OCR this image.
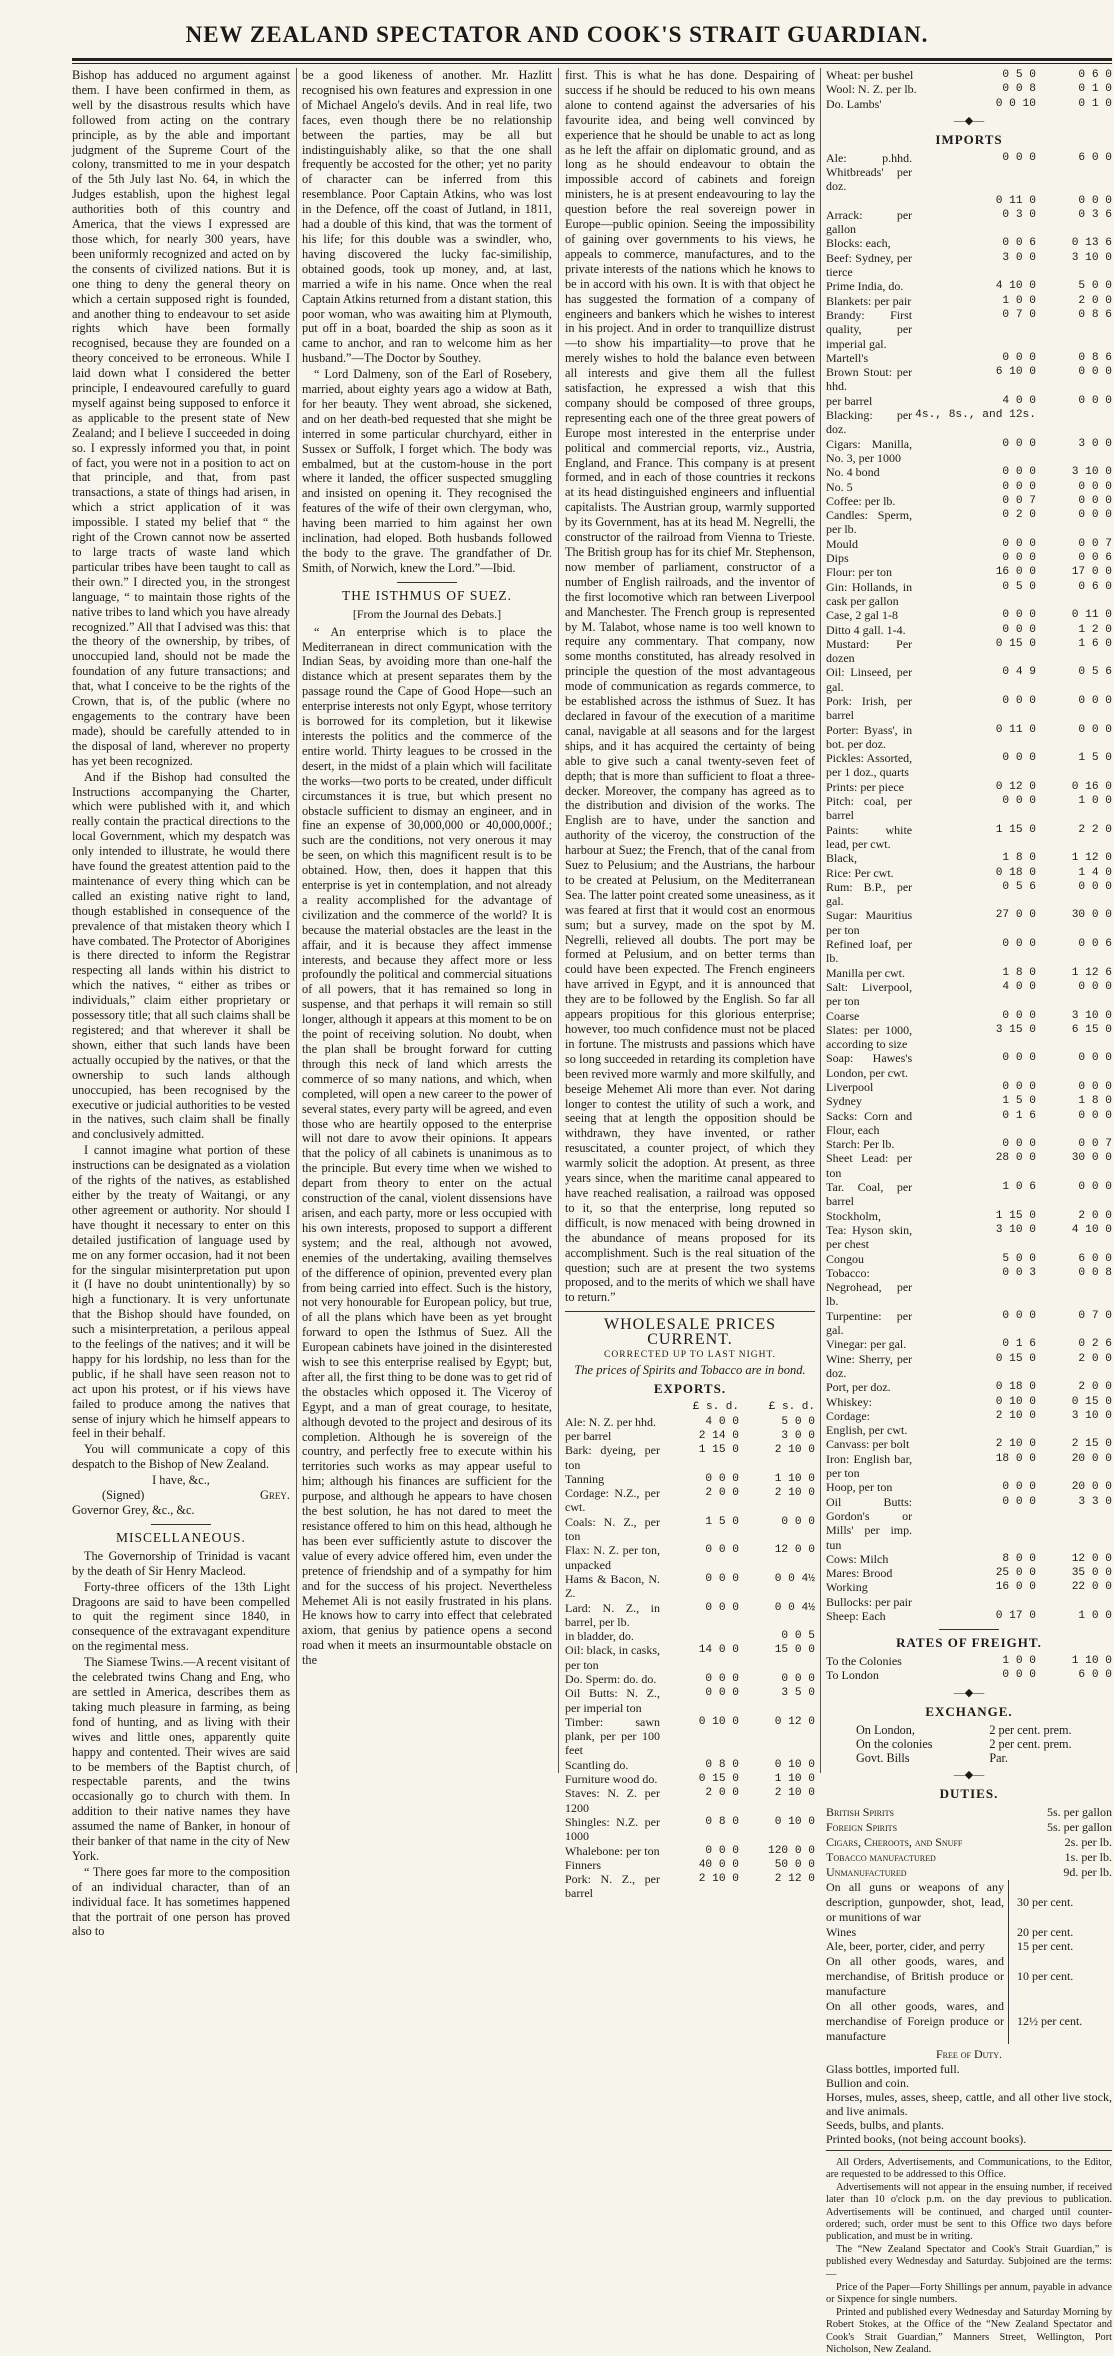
NEW ZEALAND SPECTATOR AND COOK'S STRAIT GUARDIAN.

Bishop has adduced no argument against them. I have been confirmed in them, as well by the disastrous results which have followed from acting on the contrary principle, as by the able and important judgment of the Supreme Court of the colony, transmitted to me in your despatch of the 5th July last No. 64, in which the Judges establish, upon the highest legal authorities both of this country and America, that the views I expressed are those which, for nearly 300 years, have been uniformly recognized and acted on by the consents of civilized nations. But it is one thing to deny the general theory on which a certain supposed right is founded, and another thing to endeavour to set aside rights which have been formally recognised, because they are founded on a theory conceived to be erroneous. While I laid down what I considered the better principle, I endeavoured carefully to guard myself against being supposed to enforce it as applicable to the present state of New Zealand; and I believe I succeeded in doing so. I expressly informed you that, in point of fact, you were not in a position to act on that principle, and that, from past transactions, a state of things had arisen, in which a strict application of it was impossible. I stated my belief that “ the right of the Crown cannot now be asserted to large tracts of waste land which particular tribes have been taught to call as their own.” I directed you, in the strongest language, “ to maintain those rights of the native tribes to land which you have already recognized.” All that I advised was this: that the theory of the ownership, by tribes, of unoccupied land, should not be made the foundation of any future transactions; and that, what I conceive to be the rights of the Crown, that is, of the public (where no engagements to the contrary have been made), should be carefully attended to in the disposal of land, wherever no property has yet been recognized.

And if the Bishop had consulted the Instructions accompanying the Charter, which were published with it, and which really contain the practical directions to the local Government, which my despatch was only intended to illustrate, he would there have found the greatest attention paid to the maintenance of every thing which can be called an existing native right to land, though established in consequence of the prevalence of that mistaken theory which I have combated. The Protector of Aborigines is there directed to inform the Registrar respecting all lands within his district to which the natives, “ either as tribes or individuals,” claim either proprietary or possessory title; that all such claims shall be registered; and that wherever it shall be shown, either that such lands have been actually occupied by the natives, or that the ownership to such lands although unoccupied, has been recognised by the executive or judicial authorities to be vested in the natives, such claim shall be finally and conclusively admitted.

I cannot imagine what portion of these instructions can be designated as a violation of the rights of the natives, as established either by the treaty of Waitangi, or any other agreement or authority. Nor should I have thought it necessary to enter on this detailed justification of language used by me on any former occasion, had it not been for the singular misinterpretation put upon it (I have no doubt unintentionally) by so high a functionary. It is very unfortunate that the Bishop should have founded, on such a misinterpretation, a perilous appeal to the feelings of the natives; and it will be happy for his lordship, no less than for the public, if he shall have seen reason not to act upon his protest, or if his views have failed to produce among the natives that sense of injury which he himself appears to feel in their behalf.

You will communicate a copy of this despatch to the Bishop of New Zealand.

I have, &c.,
(Signed)	Grey.
Governor Grey, &c., &c.
MISCELLANEOUS.

The Governorship of Trinidad is vacant by the death of Sir Henry Macleod.

Forty-three officers of the 13th Light Dragoons are said to have been compelled to quit the regiment since 1840, in consequence of the extravagant expenditure on the regimental mess.

The Siamese Twins.—A recent visitant of the celebrated twins Chang and Eng, who are settled in America, describes them as taking much pleasure in farming, as being fond of hunting, and as living with their wives and little ones, apparently quite happy and contented. Their wives are said to be members of the Baptist church, of respectable parents, and the twins occasionally go to church with them. In addition to their native names they have assumed the name of Banker, in honour of their banker of that name in the city of New York.

“ There goes far more to the composition of an individual character, than of an individual face. It has sometimes happened that the portrait of one person has proved also to

be a good likeness of another. Mr. Hazlitt recognised his own features and expression in one of Michael Angelo's devils. And in real life, two faces, even though there be no relationship between the parties, may be all but indistinguishably alike, so that the one shall frequently be accosted for the other; yet no parity of character can be inferred from this resemblance. Poor Captain Atkins, who was lost in the Defence, off the coast of Jutland, in 1811, had a double of this kind, that was the torment of his life; for this double was a swindler, who, having discovered the lucky fac-similiship, obtained goods, took up money, and, at last, married a wife in his name. Once when the real Captain Atkins returned from a distant station, this poor woman, who was awaiting him at Plymouth, put off in a boat, boarded the ship as soon as it came to anchor, and ran to welcome him as her husband.”—The Doctor by Southey.

“ Lord Dalmeny, son of the Earl of Rosebery, married, about eighty years ago a widow at Bath, for her beauty. They went abroad, she sickened, and on her death-bed requested that she might be interred in some particular churchyard, either in Sussex or Suffolk, I forget which. The body was embalmed, but at the custom-house in the port where it landed, the officer suspected smuggling and insisted on opening it. They recognised the features of the wife of their own clergyman, who, having been married to him against her own inclination, had eloped. Both husbands followed the body to the grave. The grandfather of Dr. Smith, of Norwich, knew the Lord.”—Ibid.

THE ISTHMUS OF SUEZ.
[From the Journal des Debats.]

“ An enterprise which is to place the Mediterranean in direct communication with the Indian Seas, by avoiding more than one-half the distance which at present separates them by the passage round the Cape of Good Hope—such an enterprise interests not only Egypt, whose territory is borrowed for its completion, but it likewise interests the politics and the commerce of the entire world. Thirty leagues to be crossed in the desert, in the midst of a plain which will facilitate the works—two ports to be created, under difficult circumstances it is true, but which present no obstacle sufficient to dismay an engineer, and in fine an expense of 30,000,000 or 40,000,000f.; such are the conditions, not very onerous it may be seen, on which this magnificent result is to be obtained. How, then, does it happen that this enterprise is yet in contemplation, and not already a reality accomplished for the advantage of civilization and the commerce of the world? It is because the material obstacles are the least in the affair, and it is because they affect immense interests, and because they affect more or less profoundly the political and commercial situations of all powers, that it has remained so long in suspense, and that perhaps it will remain so still longer, although it appears at this moment to be on the point of receiving solution. No doubt, when the plan shall be brought forward for cutting through this neck of land which arrests the commerce of so many nations, and which, when completed, will open a new career to the power of several states, every party will be agreed, and even those who are heartily opposed to the enterprise will not dare to avow their opinions. It appears that the policy of all cabinets is unanimous as to the principle. But every time when we wished to depart from theory to enter on the actual construction of the canal, violent dissensions have arisen, and each party, more or less occupied with his own interests, proposed to support a different system; and the real, although not avowed, enemies of the undertaking, availing themselves of the difference of opinion, prevented every plan from being carried into effect. Such is the history, not very honourable for European policy, but true, of all the plans which have been as yet brought forward to open the Isthmus of Suez. All the European cabinets have joined in the disinterested wish to see this enterprise realised by Egypt; but, after all, the first thing to be done was to get rid of the obstacles which opposed it. The Viceroy of Egypt, and a man of great courage, to hesitate, although devoted to the project and desirous of its completion. Although he is sovereign of the country, and perfectly free to execute within his territories such works as may appear useful to him; although his finances are sufficient for the purpose, and although he appears to have chosen the best solution, he has not dared to meet the resistance offered to him on this head, although he has been ever sufficiently astute to discover the value of every advice offered him, even under the pretence of friendship and of a sympathy for him and for the success of his project. Nevertheless Mehemet Ali is not easily frustrated in his plans. He knows how to carry into effect that celebrated axiom, that genius by patience opens a second road when it meets an insurmountable obstacle on the

first. This is what he has done. Despairing of success if he should be reduced to his own means alone to contend against the adversaries of his favourite idea, and being well convinced by experience that he should be unable to act as long as he left the affair on diplomatic ground, and as long as he should endeavour to obtain the impossible accord of cabinets and foreign ministers, he is at present endeavouring to lay the question before the real sovereign power in Europe—public opinion. Seeing the impossibility of gaining over governments to his views, he appeals to commerce, manufactures, and to the private interests of the nations which he knows to be in accord with his own. It is with that object he has suggested the formation of a company of engineers and bankers which he wishes to interest in his project. And in order to tranquillize distrust—to show his impartiality—to prove that he merely wishes to hold the balance even between all interests and give them all the fullest satisfaction, he expressed a wish that this company should be composed of three groups, representing each one of the three great powers of Europe most interested in the enterprise under political and commercial reports, viz., Austria, England, and France. This company is at present formed, and in each of those countries it reckons at its head distinguished engineers and influential capitalists. The Austrian group, warmly supported by its Government, has at its head M. Negrelli, the constructor of the railroad from Vienna to Trieste. The British group has for its chief Mr. Stephenson, now member of parliament, constructor of a number of English railroads, and the inventor of the first locomotive which ran between Liverpool and Manchester. The French group is represented by M. Talabot, whose name is too well known to require any commentary. That company, now some months constituted, has already resolved in principle the question of the most advantageous mode of communication as regards commerce, to be established across the isthmus of Suez. It has declared in favour of the execution of a maritime canal, navigable at all seasons and for the largest ships, and it has acquired the certainty of being able to give such a canal twenty-seven feet of depth; that is more than sufficient to float a three-decker. Moreover, the company has agreed as to the distribution and division of the works. The English are to have, under the sanction and authority of the viceroy, the construction of the harbour at Suez; the French, that of the canal from Suez to Pelusium; and the Austrians, the harbour to be created at Pelusium, on the Mediterranean Sea. The latter point created some uneasiness, as it was feared at first that it would cost an enormous sum; but a survey, made on the spot by M. Negrelli, relieved all doubts. The port may be formed at Pelusium, and on better terms than could have been expected. The French engineers have arrived in Egypt, and it is announced that they are to be followed by the English. So far all appears propitious for this glorious enterprise; however, too much confidence must not be placed in fortune. The mistrusts and passions which have so long succeeded in retarding its completion have been revived more warmly and more skilfully, and beseige Mehemet Ali more than ever. Not daring longer to contest the utility of such a work, and seeing that at length the opposition should be withdrawn, they have invented, or rather resuscitated, a counter project, of which they warmly solicit the adoption. At present, as three years since, when the maritime canal appeared to have reached realisation, a railroad was opposed to it, so that the enterprise, long reputed so difficult, is now menaced with being drowned in the abundance of means proposed for its accomplishment. Such is the real situation of the question; such are at present the two systems proposed, and to the merits of which we shall have to return.”

WHOLESALE PRICES CURRENT.
CORRECTED UP TO LAST NIGHT.
The prices of Spirits and Tobacco are in bond.
EXPORTS.
£ s. d.	£ s. d.
Ale: N. Z. per hhd.	4 0 0	5 0 0
per barrel	2 14 0	3 0 0
Bark: dyeing, per ton	1 15 0	2 10 0
Tanning	0 0 0	1 10 0
Cordage: N.Z., per cwt.	2 0 0	2 10 0
Coals: N. Z., per ton	1 5 0	0 0 0
Flax: N. Z. per ton, unpacked	0 0 0	12 0 0
Hams & Bacon, N. Z.	0 0 0	0 0 4½
Lard: N. Z., in barrel, per lb.	0 0 0	0 0 4½
in bladder, do.		0 0 5
Oil: black, in casks, per ton	14 0 0	15 0 0
Do. Sperm: do. do.	0 0 0	0 0 0
Oil Butts: N. Z., per imperial ton	0 0 0	3 5 0
Timber: sawn plank, per per 100 feet	0 10 0	0 12 0
Scantling do.	0 8 0	0 10 0
Furniture wood do.	0 15 0	1 10 0
Staves: N. Z. per 1200	2 0 0	2 10 0
Shingles: N.Z. per 1000	0 8 0	0 10 0
Whalebone: per ton	0 0 0	120 0 0
Finners	40 0 0	50 0 0
Pork: N. Z., per barrel	2 10 0	2 12 0
Wheat: per bushel	0 5 0	0 6 0
Wool: N. Z. per lb.	0 0 8	0 1 0
Do. Lambs'	0 0 10	0 1 0
—◆—
IMPORTS
Ale: p.hhd. Whitbreads' per doz.	0 0 0	6 0 0
	0 11 0	0 0 0
Arrack: per gallon	0 3 0	0 3 6
Blocks: each,	0 0 6	0 13 6
Beef: Sydney, per tierce	3 0 0	3 10 0
Prime India, do.	4 10 0	5 0 0
Blankets: per pair	1 0 0	2 0 0
Brandy: First quality, per imperial gal.	0 7 0	0 8 6
Martell's	0 0 0	0 8 6
Brown Stout: per hhd.	6 10 0	0 0 0
per barrel	4 0 0	0 0 0
Blacking: per doz.	4s., 8s., and 12s.	
Cigars: Manilla, No. 3, per 1000	0 0 0	3 0 0
No. 4 bond	0 0 0	3 10 0
No. 5	0 0 0	0 0 0
Coffee: per lb.	0 0 7	0 0 0
Candles: Sperm, per lb.	0 2 0	0 0 0
Mould	0 0 0	0 0 7
Dips	0 0 0	0 0 6
Flour: per ton	16 0 0	17 0 0
Gin: Hollands, in cask per gallon	0 5 0	0 6 0
Case, 2 gal 1-8	0 0 0	0 11 0
Ditto 4 gall. 1-4.	0 0 0	1 2 0
Mustard: Per dozen	0 15 0	1 6 0
Oil: Linseed, per gal.	0 4 9	0 5 6
Pork: Irish, per barrel	0 0 0	0 0 0
Porter: Byass', in bot. per doz.	0 11 0	0 0 0
Pickles: Assorted, per 1 doz., quarts	0 0 0	1 5 0
Prints: per piece	0 12 0	0 16 0
Pitch: coal, per barrel	0 0 0	1 0 0
Paints: white lead, per cwt.	1 15 0	2 2 0
Black,	1 8 0	1 12 0
Rice: Per cwt.	0 18 0	1 4 0
Rum: B.P., per gal.	0 5 6	0 0 0
Sugar: Mauritius per ton	27 0 0	30 0 0
Refined loaf, per lb.	0 0 0	0 0 6
Manilla per cwt.	1 8 0	1 12 6
Salt: Liverpool, per ton	4 0 0	0 0 0
Coarse	0 0 0	3 10 0
Slates: per 1000, according to size	3 15 0	6 15 0
Soap: Hawes's London, per cwt.	0 0 0	0 0 0
Liverpool	0 0 0	0 0 0
Sydney	1 5 0	1 8 0
Sacks: Corn and Flour, each	0 1 6	0 0 0
Starch: Per lb.	0 0 0	0 0 7
Sheet Lead: per ton	28 0 0	30 0 0
Tar. Coal, per barrel	1 0 6	0 0 0
Stockholm,	1 15 0	2 0 0
Tea: Hyson skin, per chest	3 10 0	4 10 0
Congou	5 0 0	6 0 0
Tobacco: Negrohead, per lb.	0 0 3	0 0 8
Turpentine: per gal.	0 0 0	0 7 0
Vinegar: per gal.	0 1 6	0 2 6
Wine: Sherry, per doz.	0 15 0	2 0 0
Port, per doz.	0 18 0	2 0 0
Whiskey:	0 10 0	0 15 0
Cordage: English, per cwt.	2 10 0	3 10 0
Canvass: per bolt	2 10 0	2 15 0
Iron: English bar, per ton	18 0 0	20 0 0
Hoop, per ton	0 0 0	20 0 0
Oil Butts: Gordon's or Mills' per imp. tun	0 0 0	3 3 0
Cows: Milch	8 0 0	12 0 0
Mares: Brood	25 0 0	35 0 0
Working Bullocks: per pair	16 0 0	22 0 0
Sheep: Each	0 17 0	1 0 0
RATES OF FREIGHT.
To the Colonies	1 0 0	1 10 0
To London	0 0 0	6 0 0
—◆—
EXCHANGE.
On London,	2 per cent. prem.
On the colonies	2 per cent. prem.
Govt. Bills	Par.
—◆—
DUTIES.
British Spirits	5s. per gallon
Foreign Spirits	5s. per gallon
Cigars, Cheroots, and Snuff	2s. per lb.
Tobacco manufactured	1s. per lb.
Unmanufactured	9d. per lb.
On all guns or weapons of any description, gunpowder, shot, lead, or munitions of war
30 per cent.
Wines	20 per cent.
Ale, beer, porter, cider, and perry	15 per cent.
On all other goods, wares, and merchandise, of British produce or manufacture
10 per cent.
On all other goods, wares, and merchandise of Foreign produce or manufacture
12½ per cent.
Free of Duty.
Glass bottles, imported full.
Bullion and coin.
Horses, mules, asses, sheep, cattle, and all other live stock, and live animals.
Seeds, bulbs, and plants.
Printed books, (not being account books).

All Orders, Advertisements, and Communications, to the Editor, are requested to be addressed to this Office.

Advertisements will not appear in the ensuing number, if received later than 10 o'clock p.m. on the day previous to publication. Advertisements will be continued, and charged until counter-ordered; such, order must be sent to this Office two days before publication, and must be in writing.

The “New Zealand Spectator and Cook's Strait Guardian,” is published every Wednesday and Saturday. Subjoined are the terms:—

Price of the Paper—Forty Shillings per annum, payable in advance or Sixpence for single numbers.

Printed and published every Wednesday and Saturday Morning by Robert Stokes, at the Office of the “New Zealand Spectator and Cook's Strait Guardian,” Manners Street, Wellington, Port Nicholson, New Zealand.
